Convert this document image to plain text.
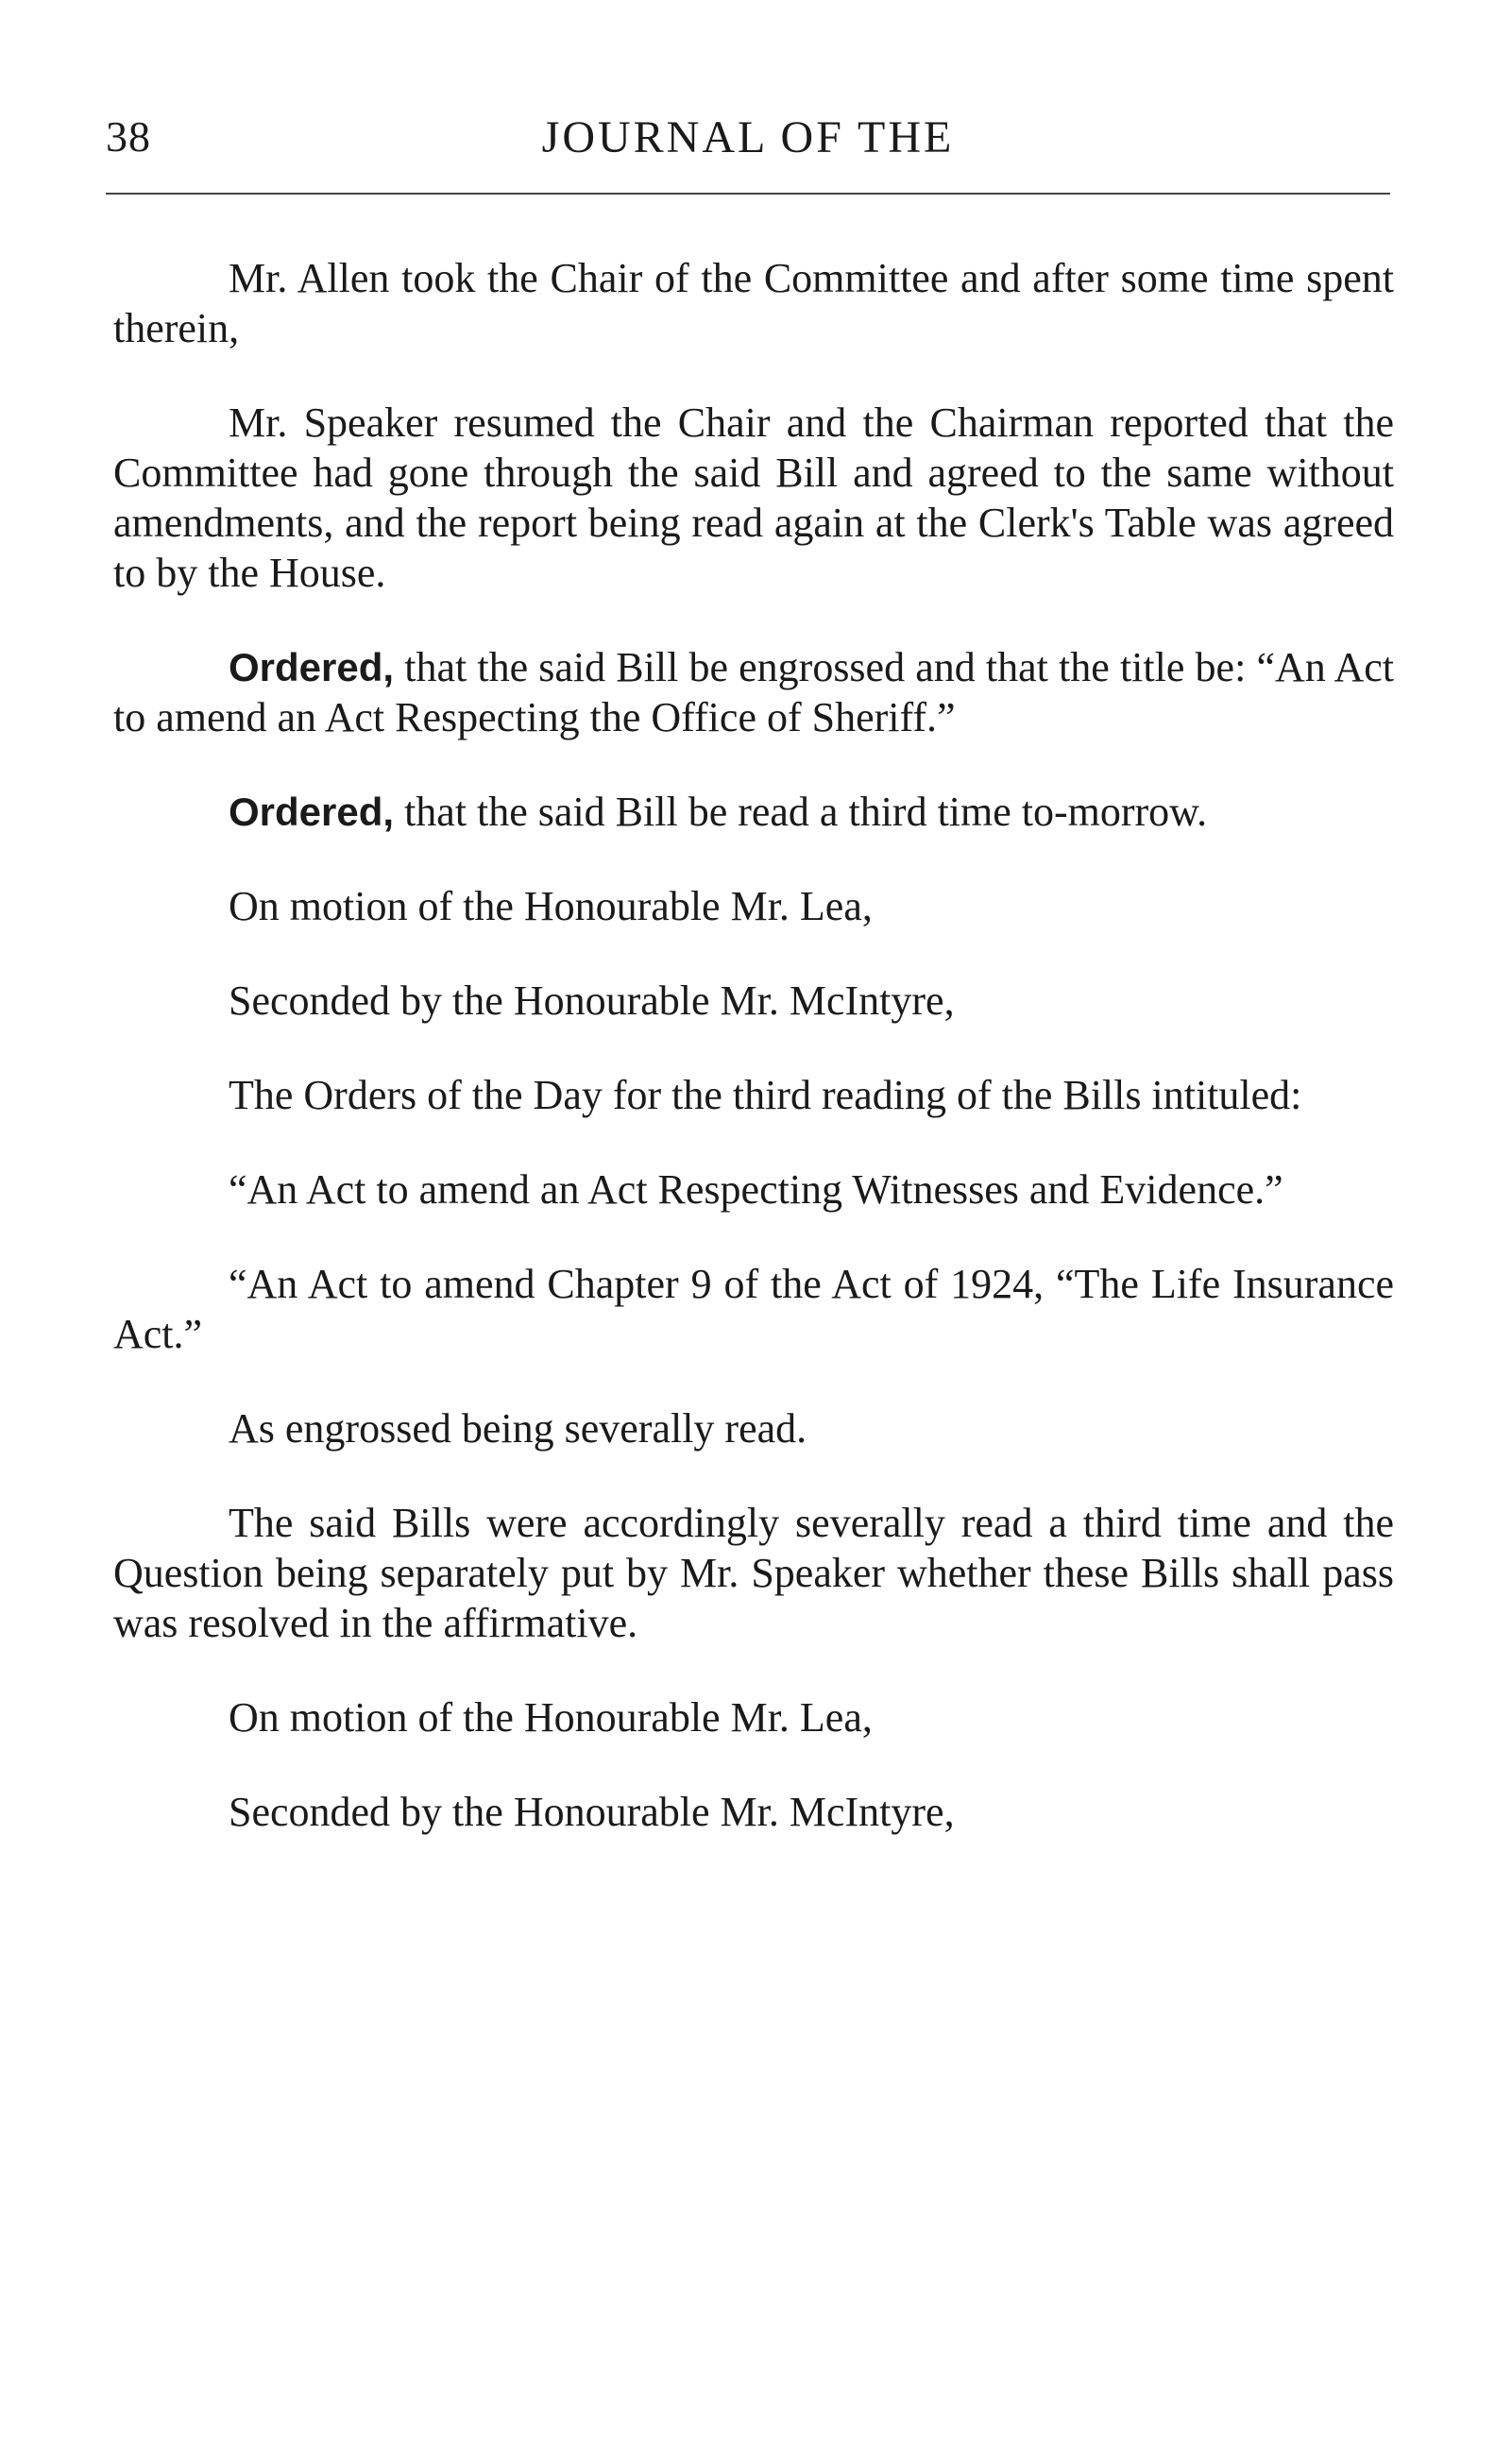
38	JOURNAL OF THE

Mr. Allen took the Chair of the Committee and after some time spent therein,

Mr. Speaker resumed the Chair and the Chairman reported that the Committee had gone through the said Bill and agreed to the same without amendments, and the report being read again at the Clerk's Table was agreed to by the House.

Ordered, that the said Bill be engrossed and that the title be: “An Act to amend an Act Respecting the Office of Sheriff.”

Ordered, that the said Bill be read a third time to-morrow.

On motion of the Honourable Mr. Lea,

Seconded by the Honourable Mr. McIntyre,

The Orders of the Day for the third reading of the Bills intituled:

“An Act to amend an Act Respecting Witnesses and Evidence.”

“An Act to amend Chapter 9 of the Act of 1924, “The Life Insurance Act.”

As engrossed being severally read.

The said Bills were accordingly severally read a third time and the Question being separately put by Mr. Speaker whether these Bills shall pass was resolved in the affirmative.

On motion of the Honourable Mr. Lea,

Seconded by the Honourable Mr. McIntyre,
